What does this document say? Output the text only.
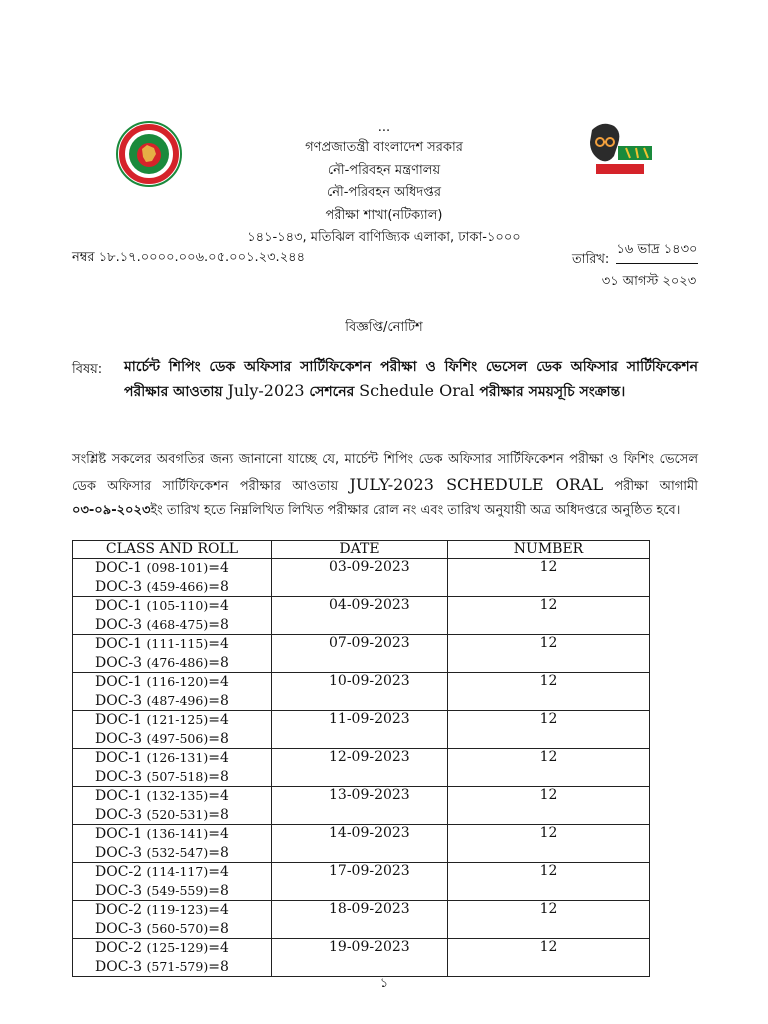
...
গণপ্রজাতন্ত্রী বাংলাদেশ সরকার
নৌ-পরিবহন মন্ত্রণালয়
নৌ-পরিবহন অধিদপ্তর
পরীক্ষা শাখা(নটিক্যাল)
১৪১-১৪৩, মতিঝিল বাণিজ্যিক এলাকা, ঢাকা-১০০০
নম্বর ১৮.১৭.০০০০.০০৬.০৫.০০১.২৩.২৪৪	তারিখ:
১৬ ভাদ্র ১৪৩০
৩১ আগস্ট ২০২৩
বিজ্ঞপ্তি/নোটিশ
বিষয়: মার্চেন্ট শিপিং ডেক অফিসার সার্টিফিকেশন পরীক্ষা ও ফিশিং ভেসেল ডেক অফিসার সার্টিফিকেশন পরীক্ষার আওতায় July-2023 সেশনের Schedule Oral পরীক্ষার সময়সূচি সংক্রান্ত।
সংশ্লিষ্ট সকলের অবগতির জন্য জানানো যাচ্ছে যে, মার্চেন্ট শিপিং ডেক অফিসার সার্টিফিকেশন পরীক্ষা ও ফিশিং ভেসেল ডেক অফিসার সার্টিফিকেশন পরীক্ষার আওতায় JULY-2023 SCHEDULE ORAL পরীক্ষা আগামী ০৩-০৯-২০২৩ইং তারিখ হতে নিম্নলিখিত লিখিত পরীক্ষার রোল নং এবং তারিখ অনুযায়ী অত্র অধিদপ্তরে অনুষ্ঠিত হবে।
CLASS AND ROLL	DATE	NUMBER

DOC-1 (098-101)=4
DOC-3 (459-466)=8	03-09-2023	12

DOC-1 (105-110)=4
DOC-3 (468-475)=8	04-09-2023	12

DOC-1 (111-115)=4
DOC-3 (476-486)=8	07-09-2023	12

DOC-1 (116-120)=4
DOC-3 (487-496)=8	10-09-2023	12

DOC-1 (121-125)=4
DOC-3 (497-506)=8	11-09-2023	12

DOC-1 (126-131)=4
DOC-3 (507-518)=8	12-09-2023	12

DOC-1 (132-135)=4
DOC-3 (520-531)=8	13-09-2023	12

DOC-1 (136-141)=4
DOC-3 (532-547)=8	14-09-2023	12

DOC-2 (114-117)=4
DOC-3 (549-559)=8	17-09-2023	12

DOC-2 (119-123)=4
DOC-3 (560-570)=8	18-09-2023	12

DOC-2 (125-129)=4
DOC-3 (571-579)=8	19-09-2023	12
১
